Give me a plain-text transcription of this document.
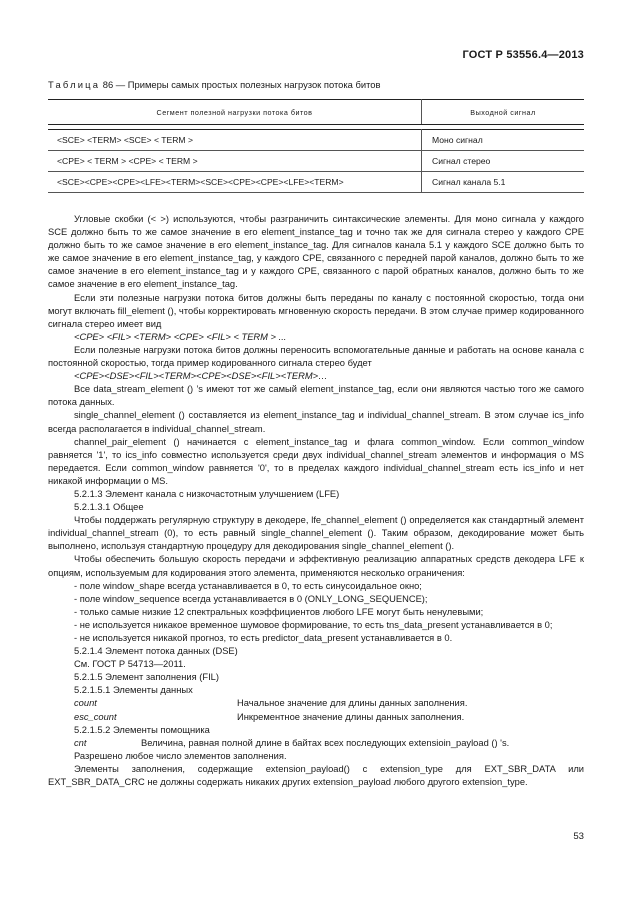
ГОСТ Р 53556.4—2013
Таблица 86 — Примеры самых простых полезных нагрузок потока битов
Сегмент полезной нагрузки потока битов	Выходной сигнал

<SCE> <TERM> <SCE> < TERM >	Моно сигнал
<CPE> < TERM > <CPE> < TERM >	Сигнал стерео
<SCE><CPE><CPE><LFE><TERM><SCE><CPE><CPE><LFE><TERM>	Сигнал канала 5.1

Угловые скобки (< >) используются, чтобы разграничить синтаксические элементы. Для моно сигнала у каждого SCE должно быть то же самое значение в его element_instance_tag и точно так же для сигнала стерео у каждого CPE должно быть то же самое значение в его element_instance_tag. Для сигналов канала 5.1 у каждого SCE должно быть то же самое значение в его element_instance_tag, у каждого CPE, связанного с передней парой каналов, должно быть то же самое значение в его element_instance_tag и у каждого CPE, связанного с парой обратных каналов, должно быть то же самое значение в его element_instance_tag.

Если эти полезные нагрузки потока битов должны быть переданы по каналу с постоянной скоростью, тогда они могут включать fill_element (), чтобы корректировать мгновенную скорость передачи. В этом случае пример кодированного сигнала стерео имеет вид

<CPE> <FIL> <TERM> <CPE> <FIL> < TERM > ...

Если полезные нагрузки потока битов должны переносить вспомогательные данные и работать на основе канала с постоянной скоростью, тогда пример кодированного сигнала стерео будет

<CPE><DSE><FIL><TERM><CPE><DSE><FIL><TERM>…

Все data_stream_element () ’s имеют тот же самый element_instance_tag, если они являются частью того же самого потока данных.

single_channel_element () составляется из element_instance_tag и individual_channel_stream. В этом случае ics_info всегда располагается в individual_channel_stream.

channel_pair_element () начинается с element_instance_tag и флага common_window. Если common_window равняется '1', то ics_info совместно используется среди двух individual_channel_stream элементов и информация о MS передается. Если common_window равняется '0', то в пределах каждого individual_channel_stream есть ics_info и нет никакой информации о MS.

5.2.1.3 Элемент канала с низкочастотным улучшением (LFE)

5.2.1.3.1 Общее

Чтобы поддержать регулярную структуру в декодере, lfe_channel_element () определяется как стандартный элемент individual_channel_stream (0), то есть равный single_channel_element (). Таким образом, декодирование может быть выполнено, используя стандартную процедуру для декодирования single_channel_element ().

Чтобы обеспечить большую скорость передачи и эффективную реализацию аппаратных средств декодера LFE к опциям, используемым для кодирования этого элемента, применяются несколько ограничения:

- поле window_shape всегда устанавливается в 0, то есть синусоидальное окно;

- поле window_sequence всегда устанавливается в 0 (ONLY_LONG_SEQUENCE);

- только самые низкие 12 спектральных коэффициентов любого LFE могут быть ненулевыми;

- не используется никакое временное шумовое формирование, то есть tns_data_present устанавливается в 0;

- не используется никакой прогноз, то есть predictor_data_present устанавливается в 0.

5.2.1.4 Элемент потока данных (DSE)

См. ГОСТ Р 54713—2011.

5.2.1.5 Элемент заполнения (FIL)

5.2.1.5.1 Элементы данных

count	Начальное значение для длины данных заполнения.
esc_count	Инкрементное значение длины данных заполнения.

5.2.1.5.2 Элементы помощника

cnt	Величина, равная полной длине в байтах всех последующих extensioin_payload () 's.

Разрешено любое число элементов заполнения.

Элементы заполнения, содержащие extension_payload() с extension_type для EXT_SBR_DATA или EXT_SBR_DATA_CRC не должны содержать никаких других extension_payload любого другого extension_type.

53
